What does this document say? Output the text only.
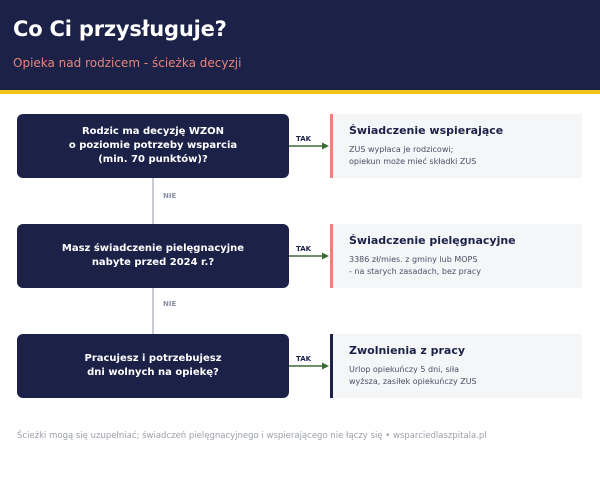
Co Ci przysługuje?
Opieka nad rodzicem - ścieżka decyzji
Rodzic ma decyzję WZON
o poziomie potrzeby wsparcia
(min. 70 punktów)?
TAK
Świadczenie wspierające
ZUS wypłaca je rodzicowi;
opiekun może mieć składki ZUS
NIE
Masz świadczenie pielęgnacyjne
nabyte przed 2024 r.?
TAK
Świadczenie pielęgnacyjne
3386 zł/mies. z gminy lub MOPS
- na starych zasadach, bez pracy
NIE
Pracujesz i potrzebujesz
dni wolnych na opiekę?
TAK
Zwolnienia z pracy
Urlop opiekuńczy 5 dni, siła
wyższa, zasiłek opiekuńczy ZUS
Ścieżki mogą się uzupełniać; świadczeń pielęgnacyjnego i wspierającego nie łączy się • wsparciedlaszpitala.pl
